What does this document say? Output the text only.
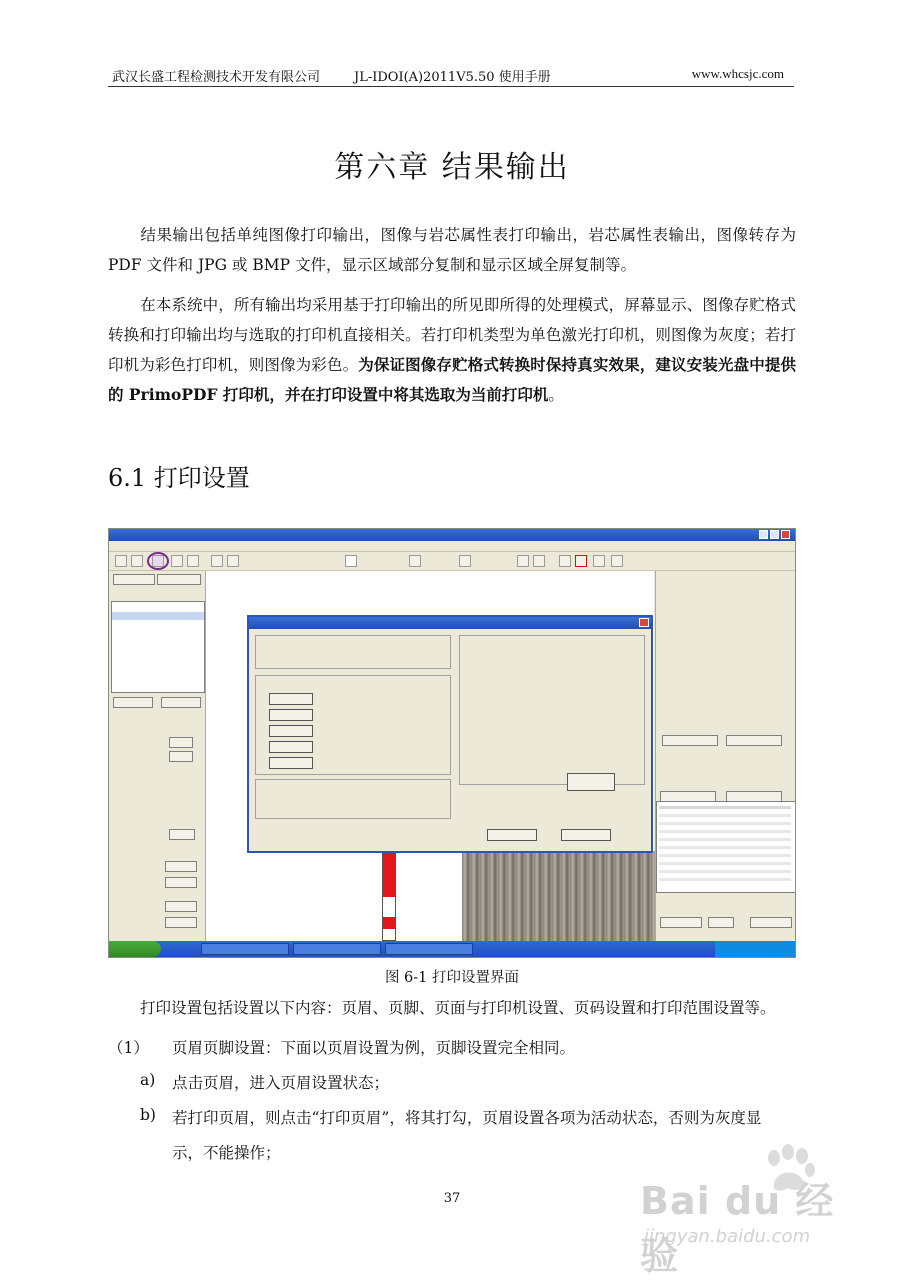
武汉长盛工程检测技术开发有限公司	JL-IDOI(A)2011V5.50 使用手册	www.whcsjc.com
第六章 结果输出

结果输出包括单纯图像打印输出，图像与岩芯属性表打印输出，岩芯属性表输出，图像转存为PDF 文件和 JPG 或 BMP 文件，显示区域部分复制和显示区域全屏复制等。

在本系统中，所有输出均采用基于打印输出的所见即所得的处理模式，屏幕显示、图像存贮格式转换和打印输出均与选取的打印机直接相关。若打印机类型为单色激光打印机，则图像为灰度；若打印机为彩色打印机，则图像为彩色。为保证图像存贮格式转换时保持真实效果，建议安装光盘中提供的 PrimoPDF 打印机，并在打印设置中将其选取为当前打印机。

6.1 打印设置
图 6-1 打印设置界面
打印设置包括设置以下内容：页眉、页脚、页面与打印机设置、页码设置和打印范围设置等。
（1） 页眉页脚设置：下面以页眉设置为例，页脚设置完全相同。
a) 点击页眉，进入页眉设置状态；
b) 若打印页眉，则点击“打印页眉”，将其打勾，页眉设置各项为活动状态，否则为灰度显
示，不能操作；
37	Bai du 经验
jingyan.baidu.com
